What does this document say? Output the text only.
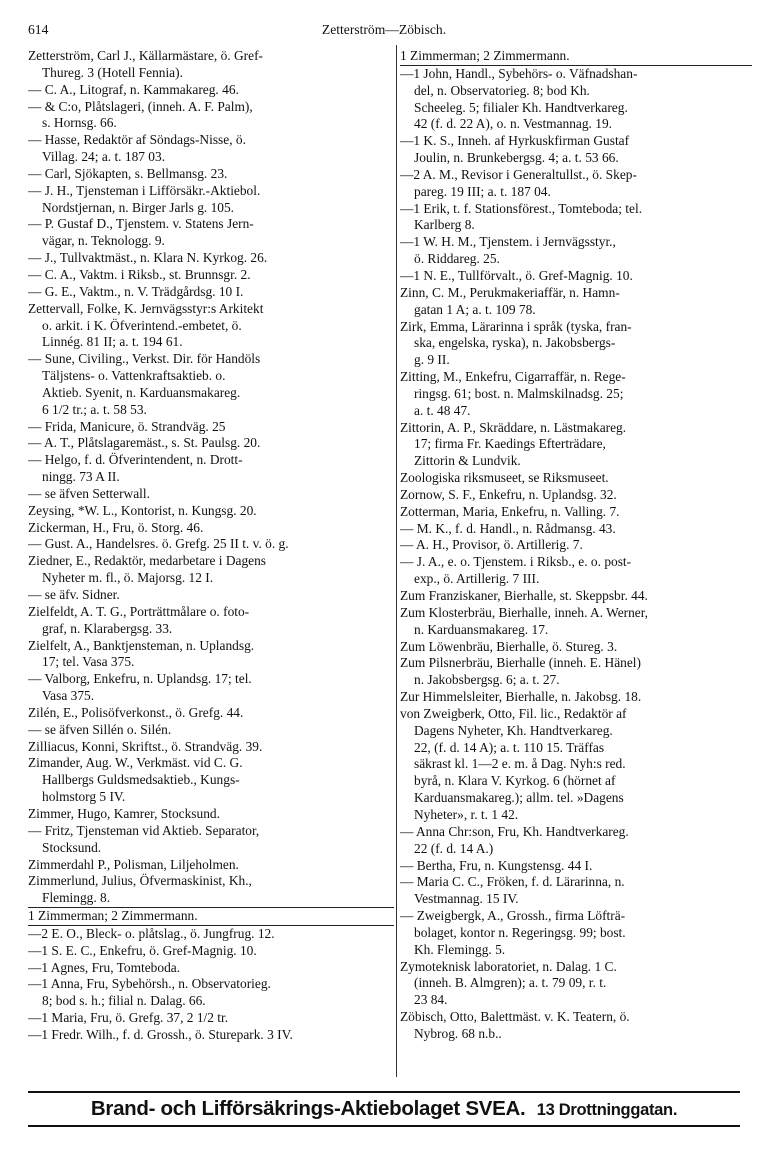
614	Zetterström—Zöbisch.
Zetterström, Carl J., Källarmästare, ö. Gref-
Thureg. 3 (Hotell Fennia).
— C. A., Litograf, n. Kammakareg. 46.
— & C:o, Plåtslageri, (inneh. A. F. Palm),
s. Hornsg. 66.
— Hasse, Redaktör af Söndags-Nisse, ö.
Villag. 24; a. t. 187 03.
— Carl, Sjökapten, s. Bellmansg. 23.
— J. H., Tjensteman i Lifförsäkr.-Aktiebol.
Nordstjernan, n. Birger Jarls g. 105.
— P. Gustaf D., Tjenstem. v. Statens Jern-
vägar, n. Teknologg. 9.
— J., Tullvaktmäst., n. Klara N. Kyrkog. 26.
— C. A., Vaktm. i Riksb., st. Brunnsgr. 2.
— G. E., Vaktm., n. V. Trädgårdsg. 10 I.
Zettervall, Folke, K. Jernvägsstyr:s Arkitekt
o. arkit. i K. Öfverintend.-embetet, ö.
Linnég. 81 II; a. t. 194 61.
— Sune, Civiling., Verkst. Dir. för Handöls
Täljstens- o. Vattenkraftsaktieb. o.
Aktieb. Syenit, n. Karduansmakareg.
6 1/2 tr.; a. t. 58 53.
— Frida, Manicure, ö. Strandväg. 25
— A. T., Plåtslagaremäst., s. St. Paulsg. 20.
— Helgo, f. d. Öfverintendent, n. Drott-
ningg. 73 A II.
— se äfven Setterwall.
Zeysing, *W. L., Kontorist, n. Kungsg. 20.
Zickerman, H., Fru, ö. Storg. 46.
— Gust. A., Handelsres. ö. Grefg. 25 II t. v. ö. g.
Ziedner, E., Redaktör, medarbetare i Dagens
Nyheter m. fl., ö. Majorsg. 12 I.
— se äfv. Sidner.
Zielfeldt, A. T. G., Porträttmålare o. foto-
graf, n. Klarabergsg. 33.
Zielfelt, A., Banktjensteman, n. Uplandsg.
17; tel. Vasa 375.
— Valborg, Enkefru, n. Uplandsg. 17; tel.
Vasa 375.
Zilén, E., Polisöfverkonst., ö. Grefg. 44.
— se äfven Sillén o. Silén.
Zilliacus, Konni, Skriftst., ö. Strandväg. 39.
Zimander, Aug. W., Verkmäst. vid C. G.
Hallbergs Guldsmedsaktieb., Kungs-
holmstorg 5 IV.
Zimmer, Hugo, Kamrer, Stocksund.
— Fritz, Tjensteman vid Aktieb. Separator,
Stocksund.
Zimmerdahl P., Polisman, Liljeholmen.
Zimmerlund, Julius, Öfvermaskinist, Kh.,
Flemingg. 8.
1 Zimmerman; 2 Zimmermann.
—2 E. O., Bleck- o. plåtslag., ö. Jungfrug. 12.
—1 S. E. C., Enkefru, ö. Gref-Magnig. 10.
—1 Agnes, Fru, Tomteboda.
—1 Anna, Fru, Sybehörsh., n. Observatorieg.
8; bod s. h.; filial n. Dalag. 66.
—1 Maria, Fru, ö. Grefg. 37, 2 1/2 tr.
—1 Fredr. Wilh., f. d. Grossh., ö. Sturepark. 3 IV.
1 Zimmerman; 2 Zimmermann.
—1 John, Handl., Sybehörs- o. Väfnadshan-
del, n. Observatorieg. 8; bod Kh.
Scheeleg. 5; filialer Kh. Handtverkareg.
42 (f. d. 22 A), o. n. Vestmannag. 19.
—1 K. S., Inneh. af Hyrkuskfirman Gustaf
Joulin, n. Brunkebergsg. 4; a. t. 53 66.
—2 A. M., Revisor i Generaltullst., ö. Skep-
pareg. 19 III; a. t. 187 04.
—1 Erik, t. f. Stationsförest., Tomteboda; tel.
Karlberg 8.
—1 W. H. M., Tjenstem. i Jernvägsstyr.,
ö. Riddareg. 25.
—1 N. E., Tullförvalt., ö. Gref-Magnig. 10.
Zinn, C. M., Perukmakeriaffär, n. Hamn-
gatan 1 A; a. t. 109 78.
Zirk, Emma, Lärarinna i språk (tyska, fran-
ska, engelska, ryska), n. Jakobsbergs-
g. 9 II.
Zitting, M., Enkefru, Cigarraffär, n. Rege-
ringsg. 61; bost. n. Malmskilnadsg. 25;
a. t. 48 47.
Zittorin, A. P., Skräddare, n. Lästmakareg.
17; firma Fr. Kaedings Efterträdare,
Zittorin & Lundvik.
Zoologiska riksmuseet, se Riksmuseet.
Zornow, S. F., Enkefru, n. Uplandsg. 32.
Zotterman, Maria, Enkefru, n. Valling. 7.
— M. K., f. d. Handl., n. Rådmansg. 43.
— A. H., Provisor, ö. Artillerig. 7.
— J. A., e. o. Tjenstem. i Riksb., e. o. post-
exp., ö. Artillerig. 7 III.
Zum Franziskaner, Bierhalle, st. Skeppsbr. 44.
Zum Klosterbräu, Bierhalle, inneh. A. Werner,
n. Karduansmakareg. 17.
Zum Löwenbräu, Bierhalle, ö. Stureg. 3.
Zum Pilsnerbräu, Bierhalle (inneh. E. Hänel)
n. Jakobsbergsg. 6; a. t. 27.
Zur Himmelsleiter, Bierhalle, n. Jakobsg. 18.
von Zweigberk, Otto, Fil. lic., Redaktör af
Dagens Nyheter, Kh. Handtverkareg.
22, (f. d. 14 A); a. t. 110 15. Träffas
säkrast kl. 1—2 e. m. å Dag. Nyh:s red.
byrå, n. Klara V. Kyrkog. 6 (hörnet af
Karduansmakareg.); allm. tel. »Dagens
Nyheter», r. t. 1 42.
— Anna Chr:son, Fru, Kh. Handtverkareg.
22 (f. d. 14 A.)
— Bertha, Fru, n. Kungstensg. 44 I.
— Maria C. C., Fröken, f. d. Lärarinna, n.
Vestmannag. 15 IV.
— Zweigbergk, A., Grossh., firma Löfträ-
bolaget, kontor n. Regeringsg. 99; bost.
Kh. Flemingg. 5.
Zymoteknisk laboratoriet, n. Dalag. 1 C.
(inneh. B. Almgren); a. t. 79 09, r. t.
23 84.
Zöbisch, Otto, Balettmäst. v. K. Teatern, ö.
Nybrog. 68 n.b..
Brand- och Lifförsäkrings-Aktiebolaget SVEA. 13 Drottninggatan.
